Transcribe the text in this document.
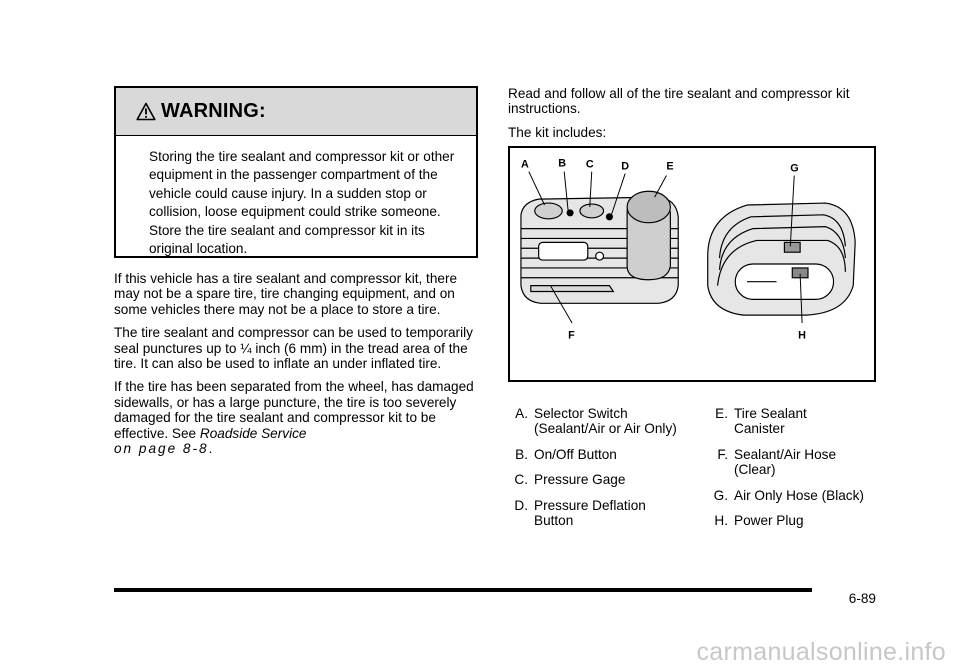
WARNING:

Storing the tire sealant and compressor kit or other equipment in the passenger compartment of the vehicle could cause injury. In a sudden stop or collision, loose equipment could strike someone. Store the tire sealant and compressor kit in its original location.

If this vehicle has a tire sealant and compressor kit, there may not be a spare tire, tire changing equipment, and on some vehicles there may not be a place to store a tire.

The tire sealant and compressor can be used to temporarily seal punctures up to ¼ inch (6 mm) in the tread area of the tire. It can also be used to inflate an under inflated tire.

If the tire has been separated from the wheel, has damaged sidewalls, or has a large puncture, the tire is too severely damaged for the tire sealant and compressor kit to be effective. See Roadside Service
on page 8-8.

Read and follow all of the tire sealant and compressor kit instructions.

The kit includes:

A	B C	D	E	G
F	H
A. Selector Switch (Sealant/Air or Air Only)
B. On/Off Button
C. Pressure Gage
D. Pressure Deflation Button
E. Tire Sealant Canister
F. Sealant/Air Hose (Clear)
G. Air Only Hose (Black)
H. Power Plug
6-89
carmanualsonline.info
